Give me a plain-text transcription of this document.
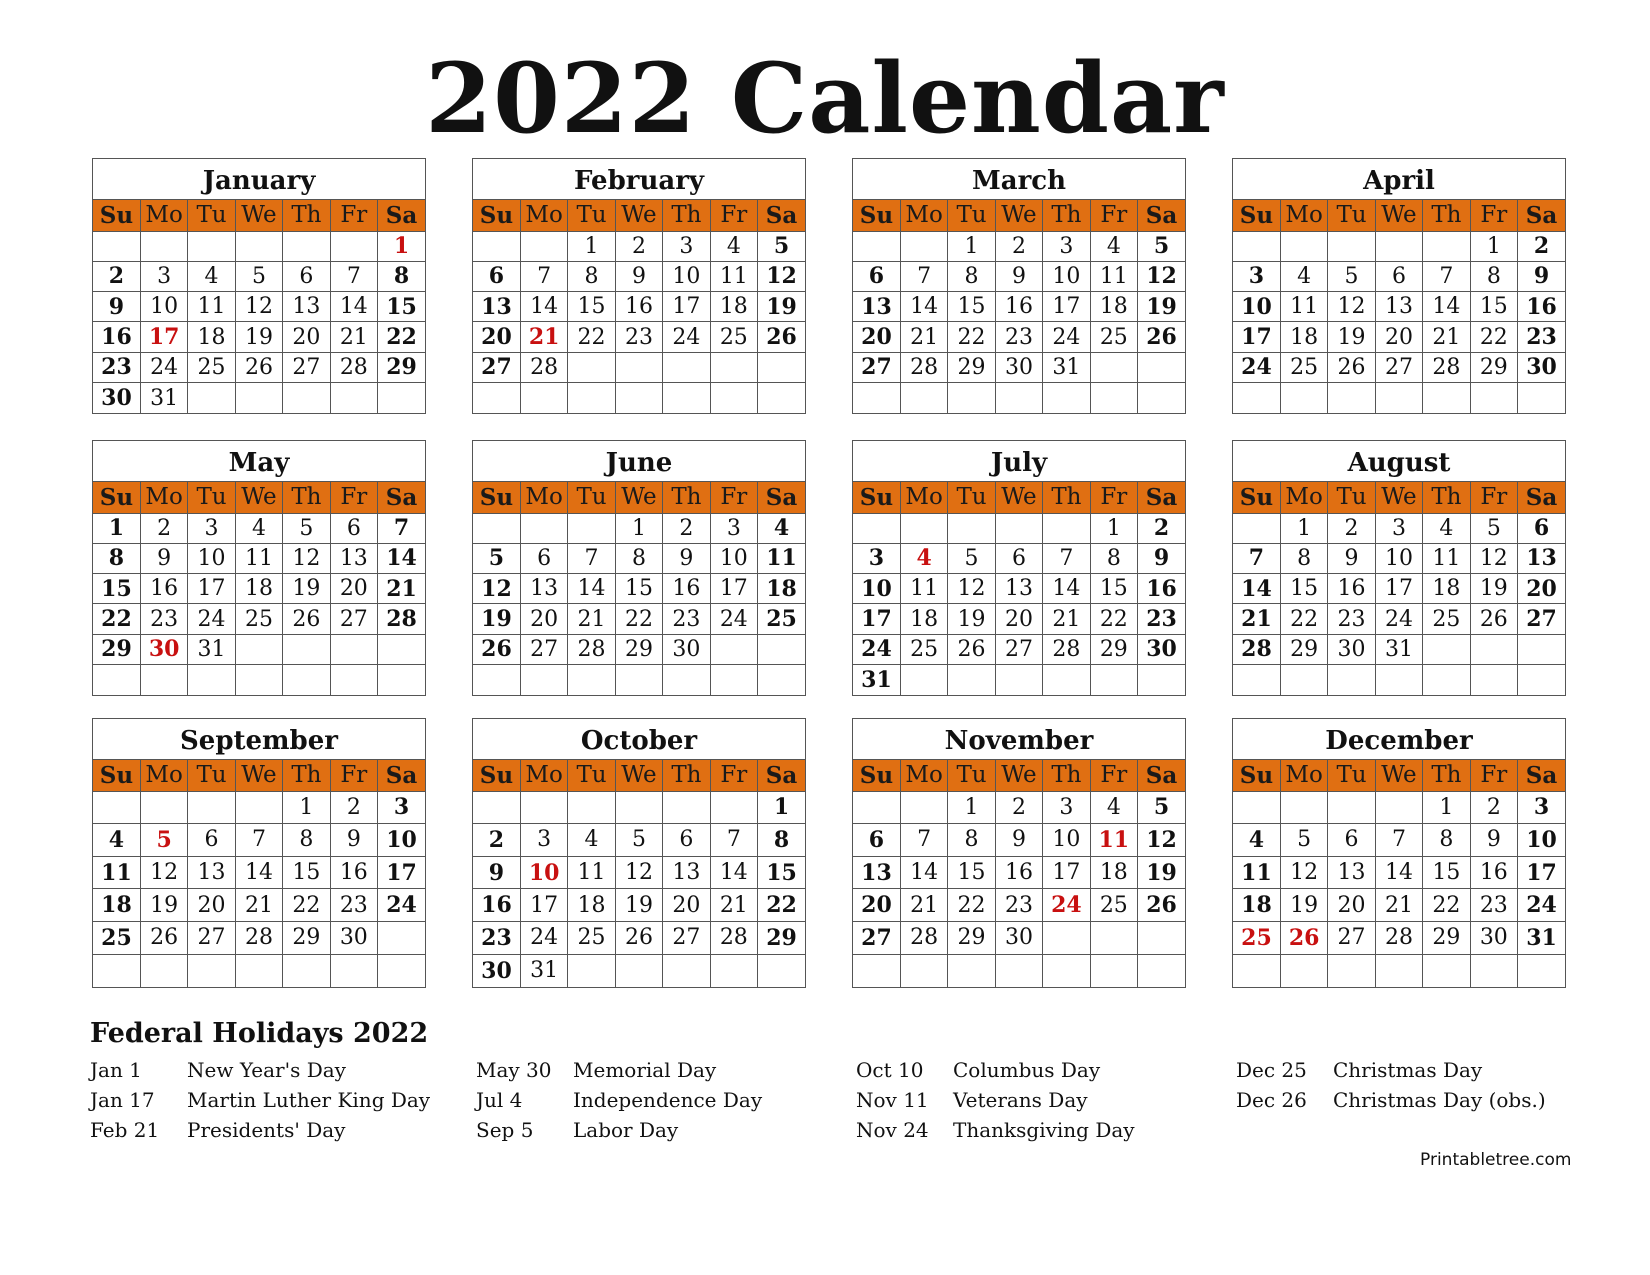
2022 Calendar
January
Su	Mo	Tu	We	Th	Fr	Sa
						1
2	3	4	5	6	7	8
9	10	11	12	13	14	15
16	17	18	19	20	21	22
23	24	25	26	27	28	29
30	31					
February
Su	Mo	Tu	We	Th	Fr	Sa
		1	2	3	4	5
6	7	8	9	10	11	12
13	14	15	16	17	18	19
20	21	22	23	24	25	26
27	28					

March
Su	Mo	Tu	We	Th	Fr	Sa
		1	2	3	4	5
6	7	8	9	10	11	12
13	14	15	16	17	18	19
20	21	22	23	24	25	26
27	28	29	30	31		

April
Su	Mo	Tu	We	Th	Fr	Sa
					1	2
3	4	5	6	7	8	9
10	11	12	13	14	15	16
17	18	19	20	21	22	23
24	25	26	27	28	29	30

May
Su	Mo	Tu	We	Th	Fr	Sa
1	2	3	4	5	6	7
8	9	10	11	12	13	14
15	16	17	18	19	20	21
22	23	24	25	26	27	28
29	30	31				

June
Su	Mo	Tu	We	Th	Fr	Sa
			1	2	3	4
5	6	7	8	9	10	11
12	13	14	15	16	17	18
19	20	21	22	23	24	25
26	27	28	29	30		

July
Su	Mo	Tu	We	Th	Fr	Sa
					1	2
3	4	5	6	7	8	9
10	11	12	13	14	15	16
17	18	19	20	21	22	23
24	25	26	27	28	29	30
31						
August
Su	Mo	Tu	We	Th	Fr	Sa
	1	2	3	4	5	6
7	8	9	10	11	12	13
14	15	16	17	18	19	20
21	22	23	24	25	26	27
28	29	30	31			

September
Su	Mo	Tu	We	Th	Fr	Sa
				1	2	3
4	5	6	7	8	9	10
11	12	13	14	15	16	17
18	19	20	21	22	23	24
25	26	27	28	29	30	

October
Su	Mo	Tu	We	Th	Fr	Sa
						1
2	3	4	5	6	7	8
9	10	11	12	13	14	15
16	17	18	19	20	21	22
23	24	25	26	27	28	29
30	31					
November
Su	Mo	Tu	We	Th	Fr	Sa
		1	2	3	4	5
6	7	8	9	10	11	12
13	14	15	16	17	18	19
20	21	22	23	24	25	26
27	28	29	30			

December
Su	Mo	Tu	We	Th	Fr	Sa
				1	2	3
4	5	6	7	8	9	10
11	12	13	14	15	16	17
18	19	20	21	22	23	24
25	26	27	28	29	30	31

Federal Holidays 2022
Jan 1 New Year's Day
Jan 17 Martin Luther King Day
Feb 21 Presidents' Day
May 30 Memorial Day
Jul 4	Independence Day
Sep 5 Labor Day
Oct 10 Columbus Day
Nov 11 Veterans Day
Nov 24 Thanksgiving Day
Dec 25 Christmas Day
Dec 26 Christmas Day (obs.)
Printabletree.com
